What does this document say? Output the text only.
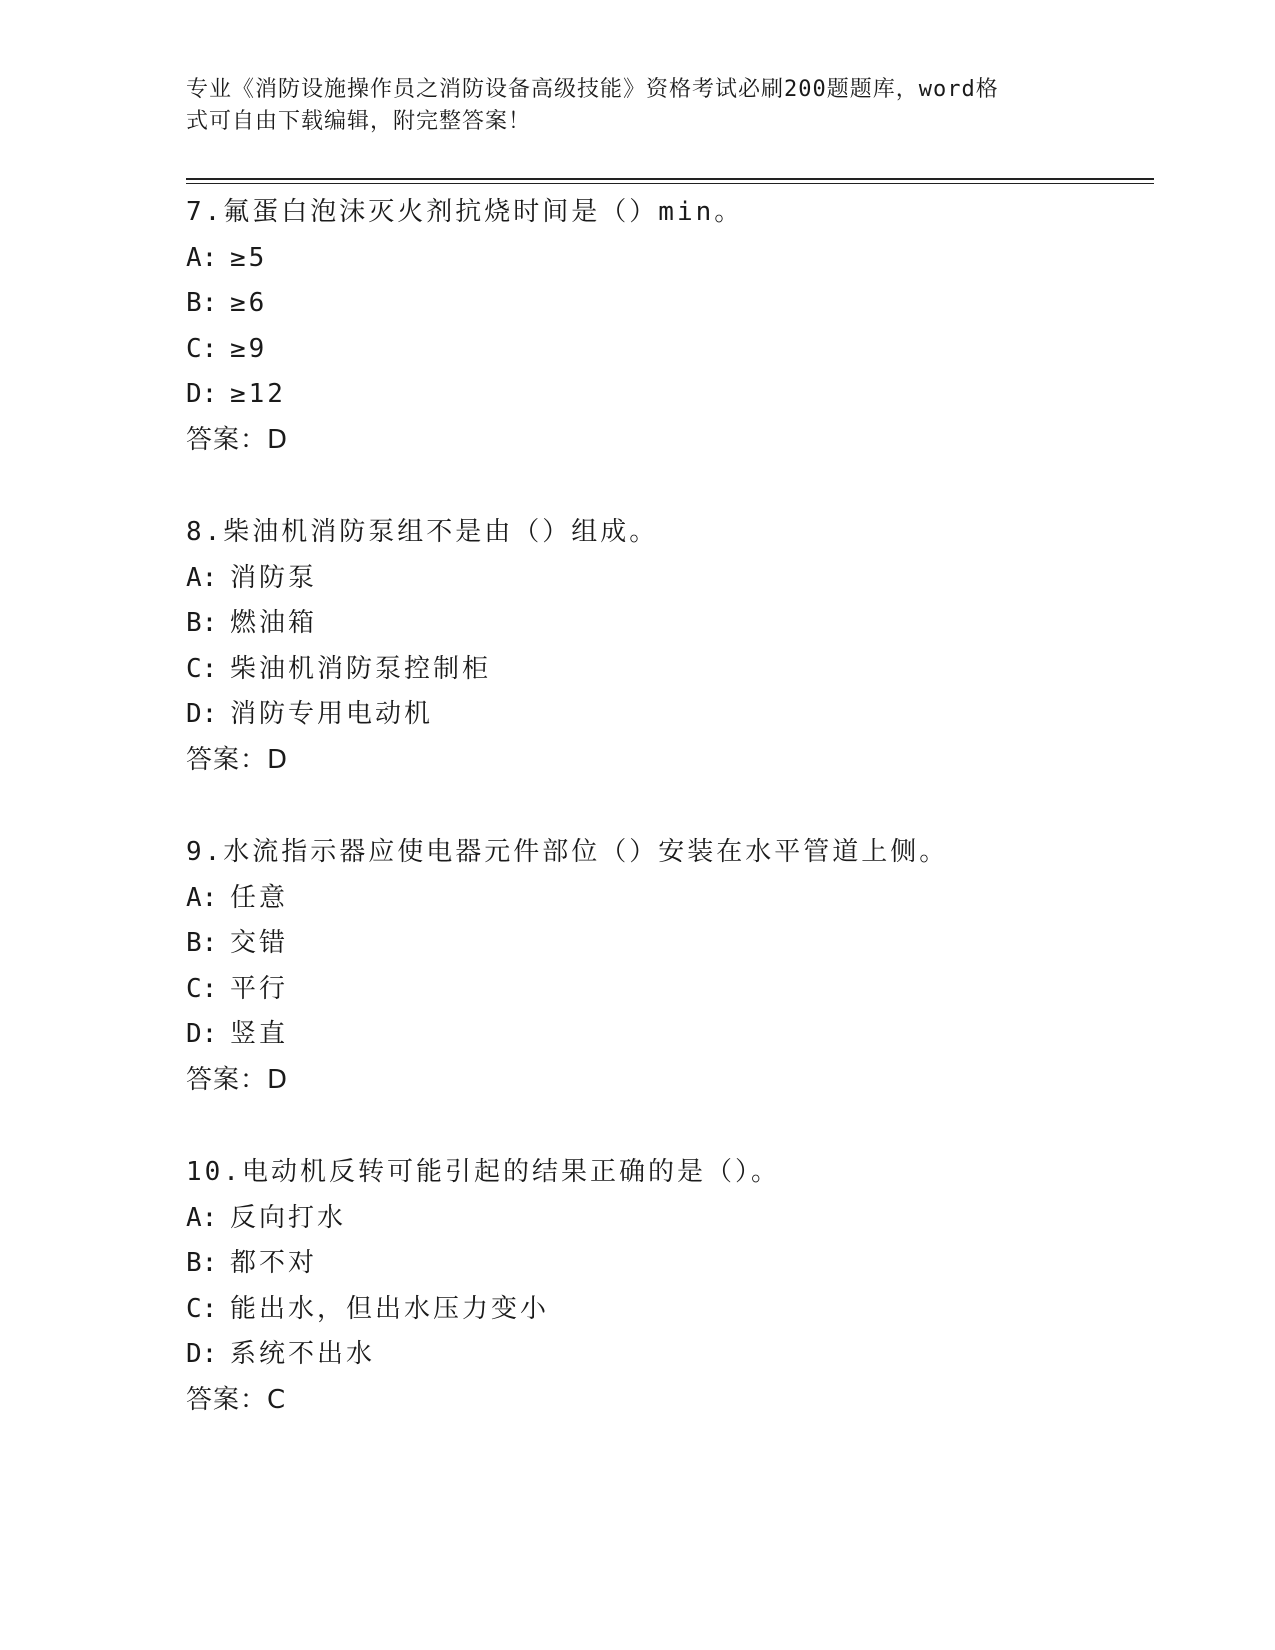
专业《消防设施操作员之消防设备高级技能》资格考试必刷200题题库，word格
式可自由下载编辑，附完整答案！
7.氟蛋白泡沫灭火剂抗烧时间是（）min。
A: ≥5
B: ≥6
C: ≥9
D: ≥12
答案：D
8.柴油机消防泵组不是由（）组成。
A: 消防泵
B: 燃油箱
C: 柴油机消防泵控制柜
D: 消防专用电动机
答案：D
9.水流指示器应使电器元件部位（）安装在水平管道上侧。
A: 任意
B: 交错
C: 平行
D: 竖直
答案：D
10.电动机反转可能引起的结果正确的是（）。
A: 反向打水
B: 都不对
C: 能出水，但出水压力变小
D: 系统不出水
答案：C
